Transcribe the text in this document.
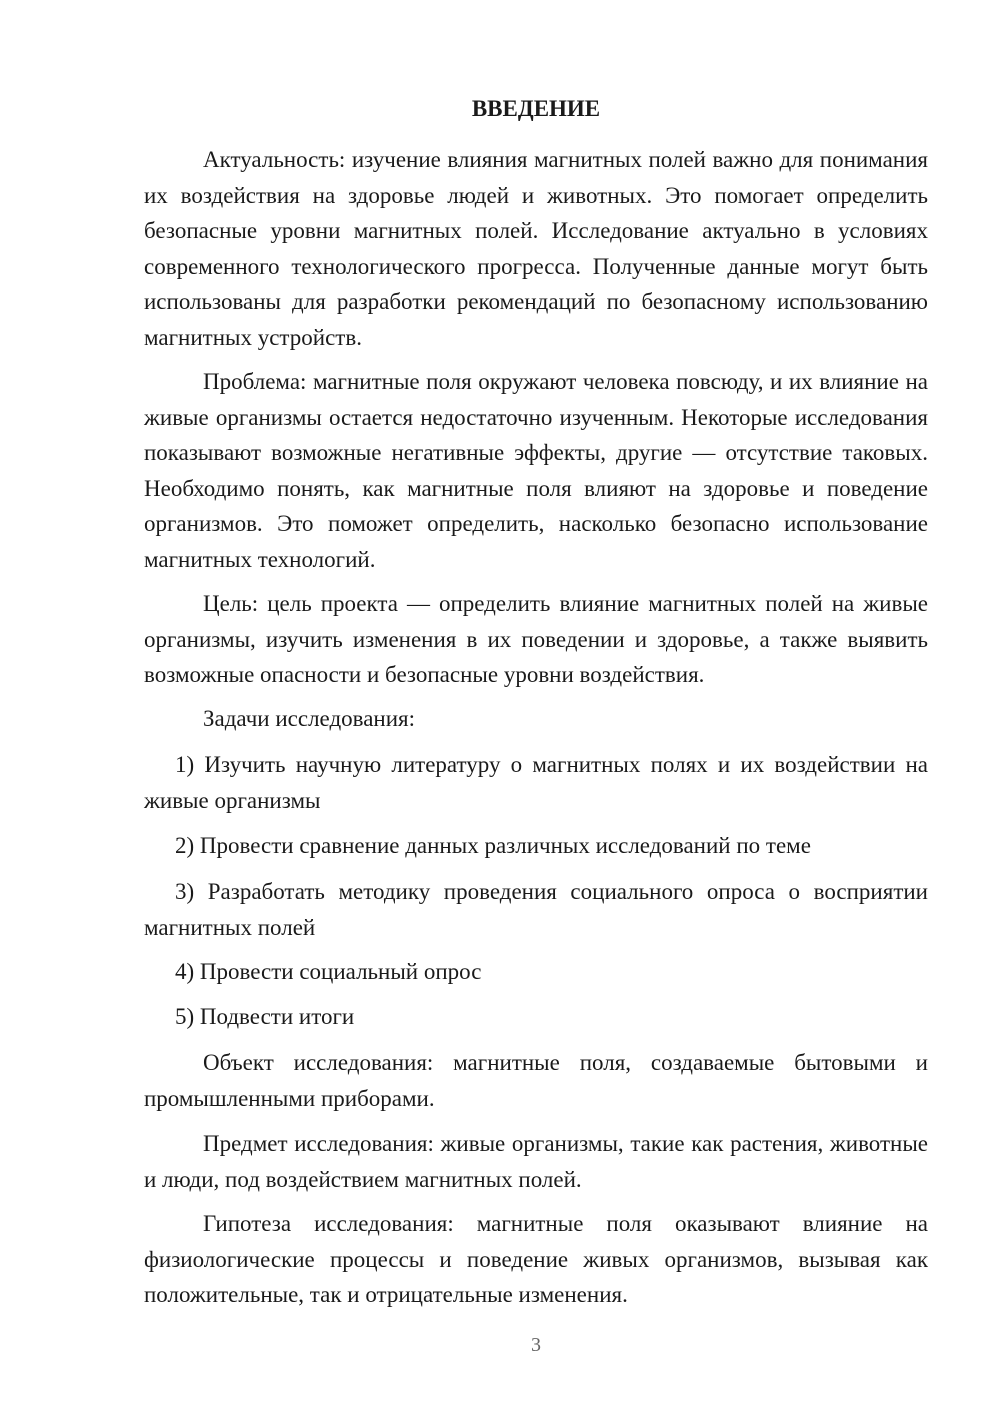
ВВЕДЕНИЕ

Актуальность: изучение влияния магнитных полей важно для понимания их воздействия на здоровье людей и животных. Это помогает определить безопасные уровни магнитных полей. Исследование актуально в условиях современного технологического прогресса. Полученные данные могут быть использованы для разработки рекомендаций по безопасному использованию магнитных устройств.

Проблема: магнитные поля окружают человека повсюду, и их влияние на живые организмы остается недостаточно изученным. Некоторые исследования показывают возможные негативные эффекты, другие — отсутствие таковых. Необходимо понять, как магнитные поля влияют на здоровье и поведение организмов. Это поможет определить, насколько безопасно использование магнитных технологий.

Цель: цель проекта — определить влияние магнитных полей на живые организмы, изучить изменения в их поведении и здоровье, а также выявить возможные опасности и безопасные уровни воздействия.

Задачи исследования:

1) Изучить научную литературу о магнитных полях и их воздействии на живые организмы

2) Провести сравнение данных различных исследований по теме

3) Разработать методику проведения социального опроса о восприятии магнитных полей

4) Провести социальный опрос

5) Подвести итоги

Объект исследования: магнитные поля, создаваемые бытовыми и промышленными приборами.

Предмет исследования: живые организмы, такие как растения, животные и люди, под воздействием магнитных полей.

Гипотеза исследования: магнитные поля оказывают влияние на физиологические процессы и поведение живых организмов, вызывая как положительные, так и отрицательные изменения.

3
